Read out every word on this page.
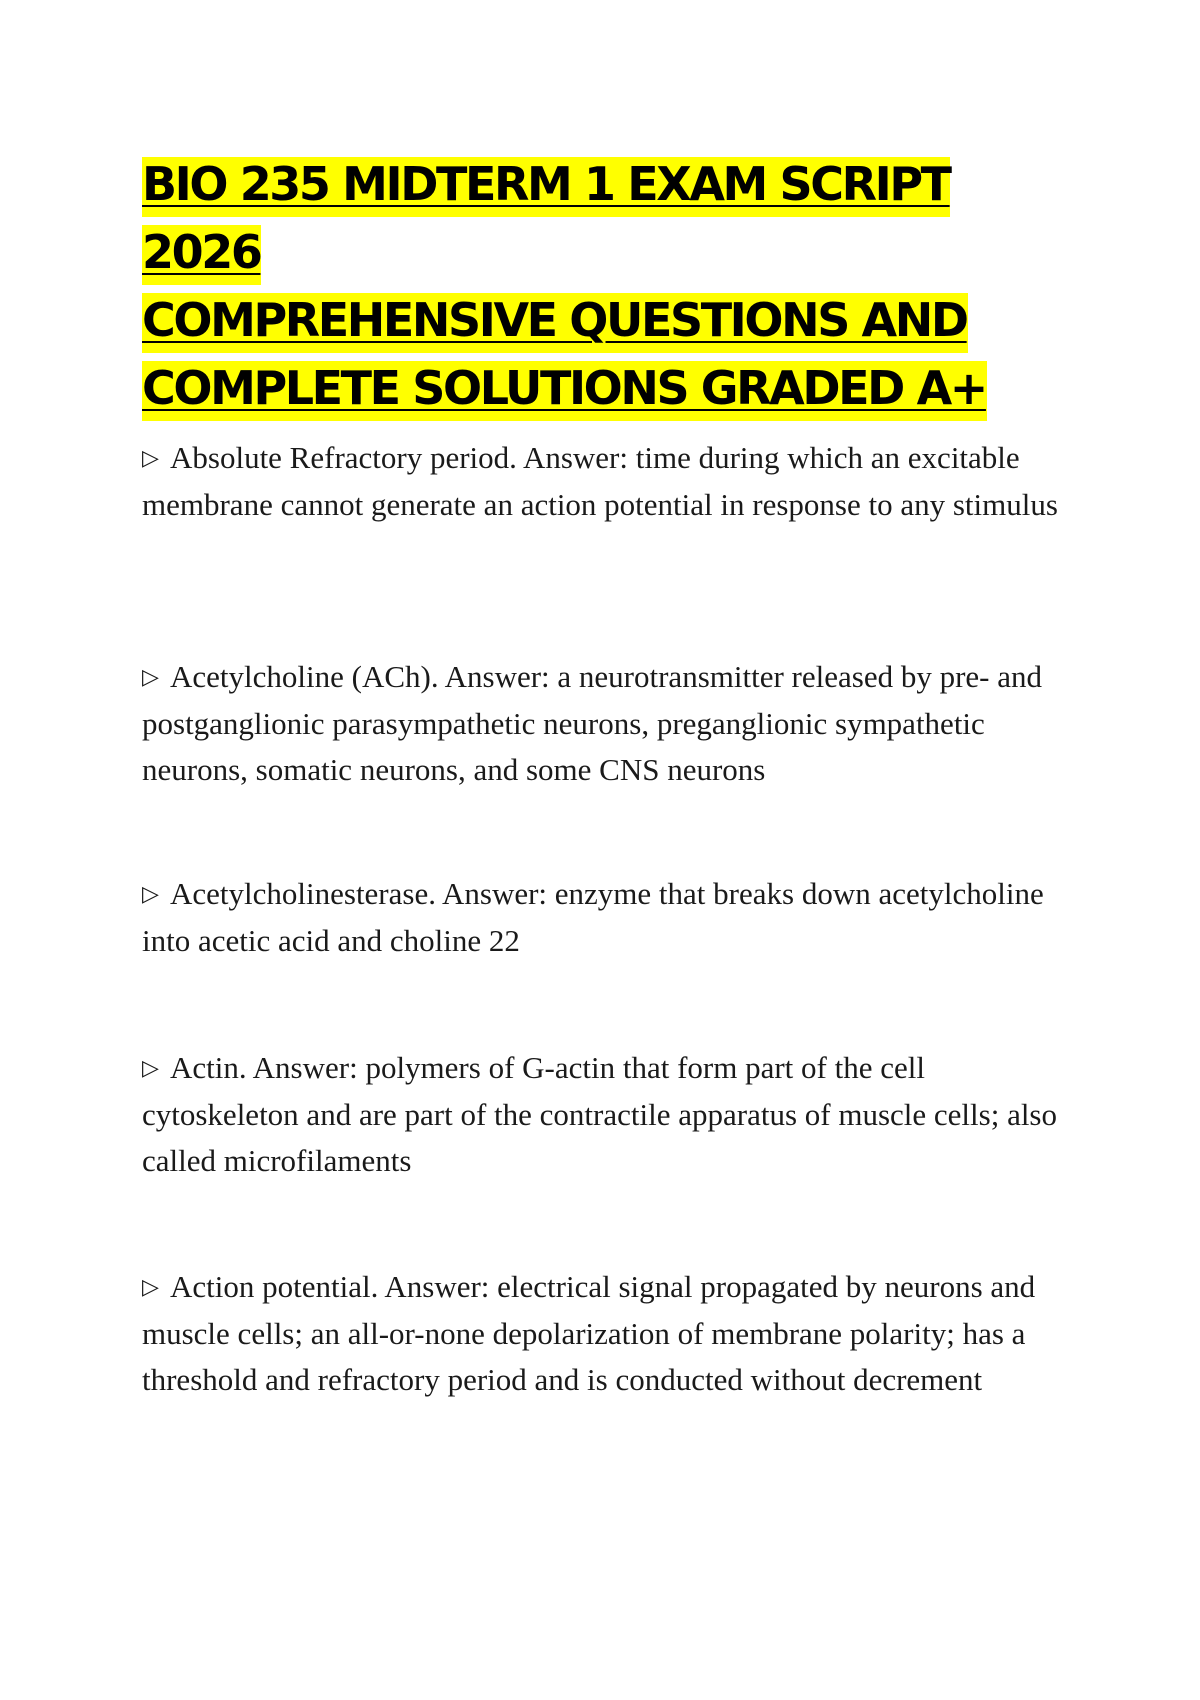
BIO 235 MIDTERM 1 EXAM SCRIPT 2026
COMPREHENSIVE QUESTIONS AND
COMPLETE SOLUTIONS GRADED A+

▷ Absolute Refractory period. Answer: time during which an excitable membrane cannot generate an action potential in response to any stimulus

▷ Acetylcholine (ACh). Answer: a neurotransmitter released by pre- and postganglionic parasympathetic neurons, preganglionic sympathetic neurons, somatic neurons, and some CNS neurons

▷ Acetylcholinesterase. Answer: enzyme that breaks down acetylcholine into acetic acid and choline 22

▷ Actin. Answer: polymers of G-actin that form part of the cell cytoskeleton and are part of the contractile apparatus of muscle cells; also called microfilaments

▷ Action potential. Answer: electrical signal propagated by neurons and muscle cells; an all-or-none depolarization of membrane polarity; has a threshold and refractory period and is conducted without decrement
